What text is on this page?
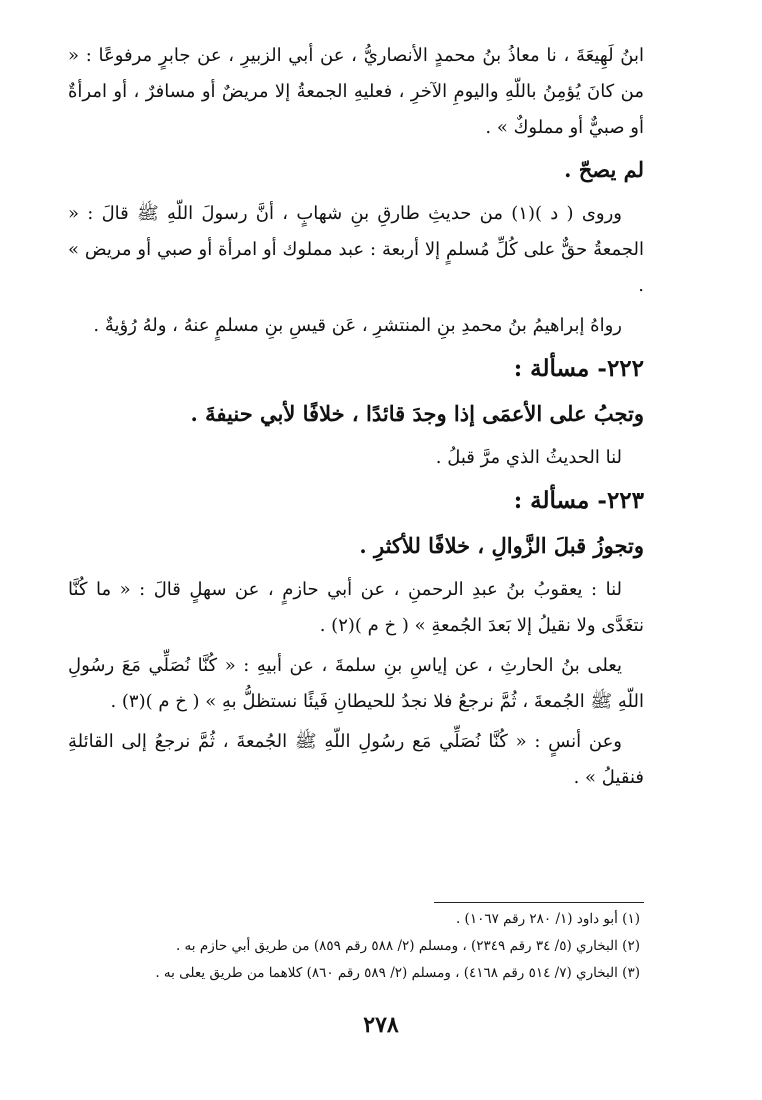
ابنُ لَهِيعَةَ ، نا معاذُ بنُ محمدٍ الأنصاريُّ ، عن أبي الزبيرِ ، عن جابرٍ مرفوعًا : « من كانَ يُؤمِنُ باللّهِ واليومِ الآخرِ ، فعليهِ الجمعةُ إلا مريضٌ أو مسافرٌ ، أو امرأةٌ أو صبيٌّ أو مملوكٌ » .

لم يصحّ .

وروى ( د )(١) من حديثِ طارقِ بنِ شهابٍ ، أنَّ رسولَ اللّهِ ﷺ قالَ : « الجمعةُ حقٌّ على كُلِّ مُسلمٍ إلا أربعة : عبد مملوك أو امرأة أو صبي أو مريض » .

رواهُ إبراهيمُ بنُ محمدِ بنِ المنتشرِ ، عَن قيسِ بنِ مسلمٍ عنهُ ، ولهُ رُؤيةٌ .

٢٢٢- مسألة :

وتجبُ على الأعمَى إذا وجدَ قائدًا ، خلافًا لأبي حنيفةَ .

لنا الحديثُ الذي مرَّ قبلُ .

٢٢٣- مسألة :

وتجوزُ قبلَ الزَّوالِ ، خلافًا للأكثرِ .

لنا : يعقوبُ بنُ عبدِ الرحمنِ ، عن أبي حازمٍ ، عن سهلٍ قالَ : « ما كُنَّا نتغَدَّى ولا نقيلُ إلا بَعدَ الجُمعةِ » ( خ م )(٢) .

يعلى بنُ الحارثِ ، عن إياسِ بنِ سلمةَ ، عن أبيهِ : « كُنَّا نُصَلِّي مَعَ رسُولِ اللّهِ ﷺ الجُمعةَ ، ثُمَّ نرجعُ فلا نجدُ للحيطانِ فَيئًا نستظلُّ بهِ » ( خ م )(٣) .

وعن أنسٍ : « كُنَّا نُصَلِّي مَع رسُولِ اللّهِ ﷺ الجُمعةَ ، ثُمَّ نرجعُ إلى القائلةِ فنقيلُ » .

(١) أبو داود (١/ ٢٨٠ رقم ١٠٦٧) .

(٢) البخاري (٥/ ٣٤ رقم ٢٣٤٩) ، ومسلم (٢/ ٥٨٨ رقم ٨٥٩) من طريق أبي حازم به .

(٣) البخاري (٧/ ٥١٤ رقم ٤١٦٨) ، ومسلم (٢/ ٥٨٩ رقم ٨٦٠) كلاهما من طريق يعلى به .

٢٧٨
